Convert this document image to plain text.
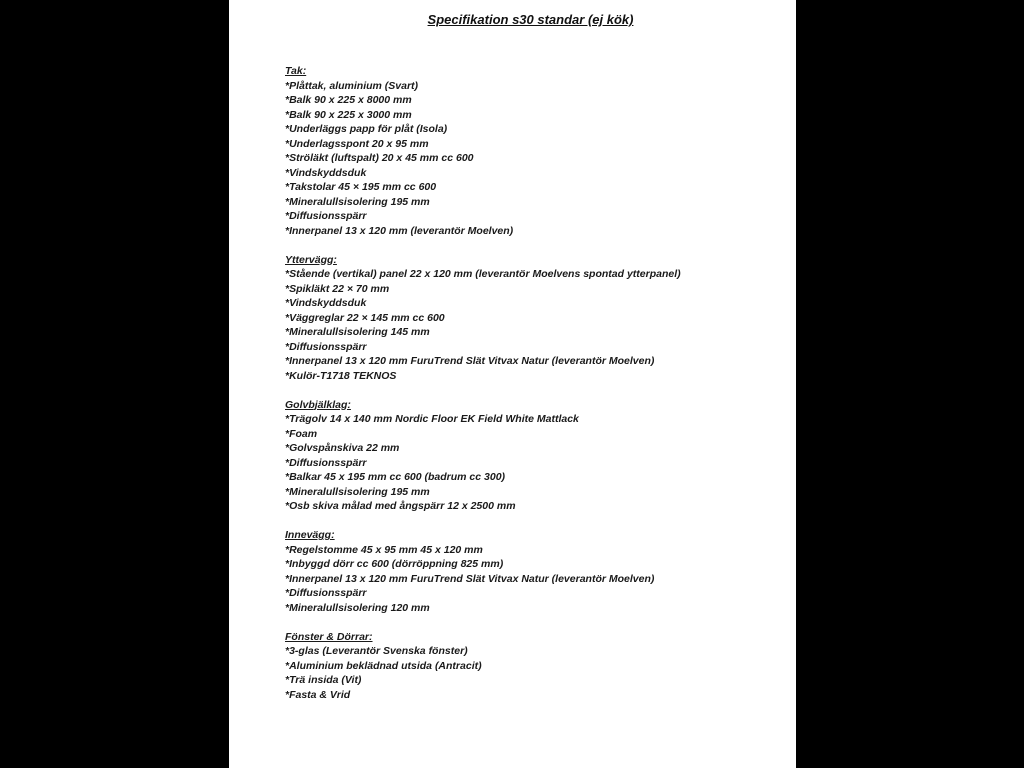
Specifikation s30 standar (ej kök)

Tak:

*Plåttak, aluminium (Svart)

*Balk 90 x 225 x 8000 mm

*Balk 90 x 225 x 3000 mm

*Underläggs papp för plåt (Isola)

*Underlagsspont 20 x 95 mm

*Ströläkt (luftspalt) 20 x 45 mm cc 600

*Vindskyddsduk

*Takstolar 45 × 195 mm cc 600

*Mineralullsisolering 195 mm

*Diffusionsspärr

*Innerpanel 13 x 120 mm (leverantör Moelven)

Yttervägg:

*Stående (vertikal) panel 22 x 120 mm (leverantör Moelvens spontad ytterpanel)

*Spikläkt 22 × 70 mm

*Vindskyddsduk

*Väggreglar 22 × 145 mm cc 600

*Mineralullsisolering 145 mm

*Diffusionsspärr

*Innerpanel 13 x 120 mm FuruTrend Slät Vitvax Natur (leverantör Moelven)

*Kulör-T1718 TEKNOS

Golvbjälklag:

*Trägolv 14 x 140 mm Nordic Floor EK Field White Mattlack

*Foam

*Golvspånskiva 22 mm

*Diffusionsspärr

*Balkar 45 x 195 mm cc 600 (badrum cc 300)

*Mineralullsisolering 195 mm

*Osb skiva målad med ångspärr 12 x 2500 mm

Innevägg:

*Regelstomme 45 x 95 mm 45 x 120 mm

*Inbyggd dörr cc 600 (dörröppning 825 mm)

*Innerpanel 13 x 120 mm FuruTrend Slät Vitvax Natur (leverantör Moelven)

*Diffusionsspärr

*Mineralullsisolering 120 mm

Fönster & Dörrar:

*3-glas (Leverantör Svenska fönster)

*Aluminium beklädnad utsida (Antracit)

*Trä insida (Vit)

*Fasta & Vrid
